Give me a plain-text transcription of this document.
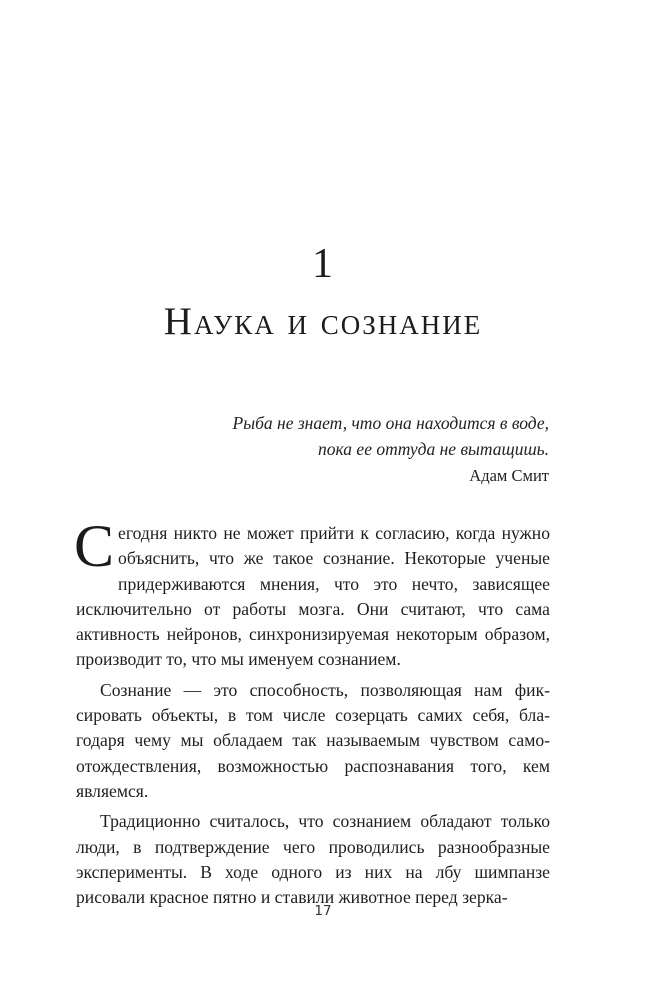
1
Наука и сознание
Рыба не знает, что она находится в воде,
пока ее оттуда не вытащишь.
Адам Смит

Сегодня никто не может прийти к согласию, когда нужно объяснить, что же такое сознание. Некоторые ученые придерживаются мнения, что это нечто, зависящее исключительно от работы мозга. Они считают, что сама активность нейронов, синхронизируемая некоторым образом, производит то, что мы именуем сознанием.

Сознание — это способность, позволяющая нам фиксировать объекты, в том числе созерцать самих себя, благодаря чему мы обладаем так называемым чувством самоотождествления, возможностью распознавания того, кем являемся.

Традиционно считалось, что сознанием обладают только люди, в подтверждение чего проводились разнообразные эксперименты. В ходе одного из них на лбу шимпанзе рисовали красное пятно и ставили животное перед зерка-

17
